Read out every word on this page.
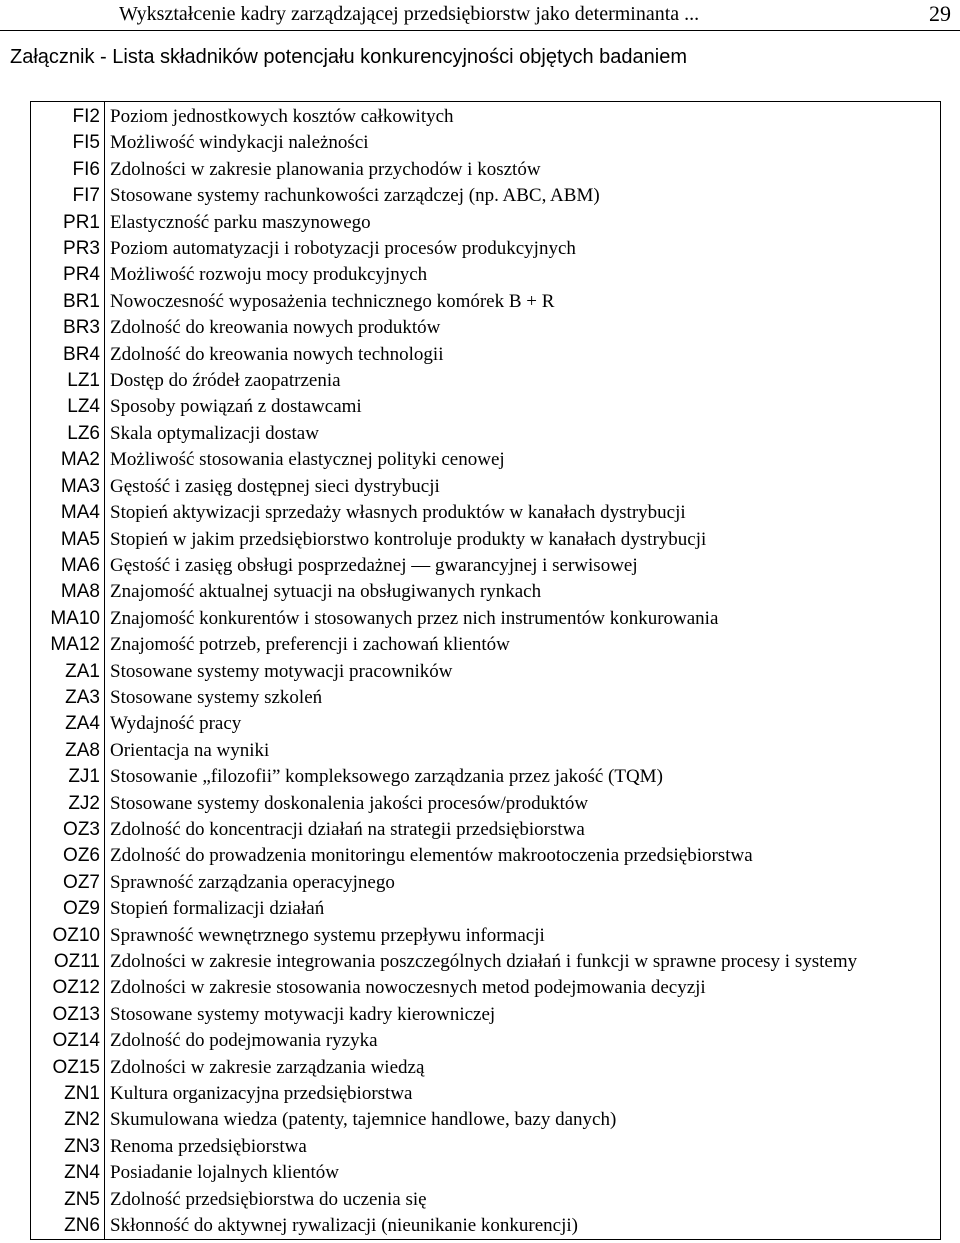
Wykształcenie kadry zarządzającej przedsiębiorstw jako determinanta ...	29
Załącznik - Lista składników potencjału konkurencyjności objętych badaniem
FI2	Poziom jednostkowych kosztów całkowitych
FI5	Możliwość windykacji należności
FI6	Zdolności w zakresie planowania przychodów i kosztów
FI7	Stosowane systemy rachunkowości zarządczej (np. ABC, ABM)
PR1	Elastyczność parku maszynowego
PR3	Poziom automatyzacji i robotyzacji procesów produkcyjnych
PR4	Możliwość rozwoju mocy produkcyjnych
BR1	Nowoczesność wyposażenia technicznego komórek B + R
BR3	Zdolność do kreowania nowych produktów
BR4	Zdolność do kreowania nowych technologii
LZ1	Dostęp do źródeł zaopatrzenia
LZ4	Sposoby powiązań z dostawcami
LZ6	Skala optymalizacji dostaw
MA2	Możliwość stosowania elastycznej polityki cenowej
MA3	Gęstość i zasięg dostępnej sieci dystrybucji
MA4	Stopień aktywizacji sprzedaży własnych produktów w kanałach dystrybucji
MA5	Stopień w jakim przedsiębiorstwo kontroluje produkty w kanałach dystrybucji
MA6	Gęstość i zasięg obsługi posprzedażnej — gwarancyjnej i serwisowej
MA8	Znajomość aktualnej sytuacji na obsługiwanych rynkach
MA10	Znajomość konkurentów i stosowanych przez nich instrumentów konkurowania
MA12	Znajomość potrzeb, preferencji i zachowań klientów
ZA1	Stosowane systemy motywacji pracowników
ZA3	Stosowane systemy szkoleń
ZA4	Wydajność pracy
ZA8	Orientacja na wyniki
ZJ1	Stosowanie „filozofii” kompleksowego zarządzania przez jakość (TQM)
ZJ2	Stosowane systemy doskonalenia jakości procesów/produktów
OZ3	Zdolność do koncentracji działań na strategii przedsiębiorstwa
OZ6	Zdolność do prowadzenia monitoringu elementów makrootoczenia przedsiębiorstwa
OZ7	Sprawność zarządzania operacyjnego
OZ9	Stopień formalizacji działań
OZ10	Sprawność wewnętrznego systemu przepływu informacji
OZ11	Zdolności w zakresie integrowania poszczególnych działań i funkcji w sprawne procesy i systemy
OZ12	Zdolności w zakresie stosowania nowoczesnych metod podejmowania decyzji
OZ13	Stosowane systemy motywacji kadry kierowniczej
OZ14	Zdolność do podejmowania ryzyka
OZ15	Zdolności w zakresie zarządzania wiedzą
ZN1	Kultura organizacyjna przedsiębiorstwa
ZN2	Skumulowana wiedza (patenty, tajemnice handlowe, bazy danych)
ZN3	Renoma przedsiębiorstwa
ZN4	Posiadanie lojalnych klientów
ZN5	Zdolność przedsiębiorstwa do uczenia się
ZN6	Skłonność do aktywnej rywalizacji (nieunikanie konkurencji)
